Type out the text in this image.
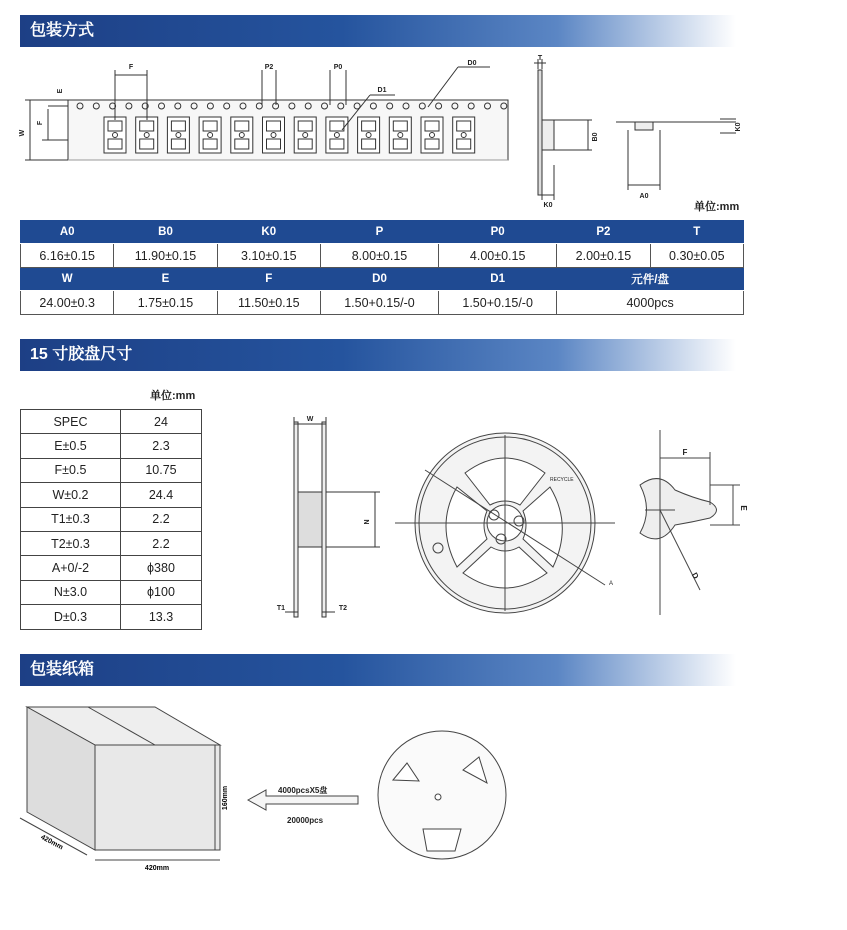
包装方式
F	P2	P0
D1
D0
E
W
F
T
B0
K0
K0
A0
单位:mm
A0	B0	K0	P	P0	P2	T
6.16±0.15	11.90±0.15	3.10±0.15	8.00±0.15	4.00±0.15	2.00±0.15	0.30±0.05
W	E	F	D0	D1	元件/盘	
24.00±0.3	1.75±0.15	11.50±0.15	1.50+0.15/-0	1.50+0.15/-0	4000pcs	
15 寸胶盘尺寸
单位:mm
SPEC	24
E±0.5	2.3
F±0.5	10.75
W±0.2	24.4
T1±0.3	2.2
T2±0.3	2.2
A+0/-2	ϕ380
N±3.0	ϕ100
D±0.3	13.3
W
N
T1	T2
RECYCLE
A
F
E
D
包装纸箱
160mm
420mm
420mm
4000pcsX5盘
20000pcs
